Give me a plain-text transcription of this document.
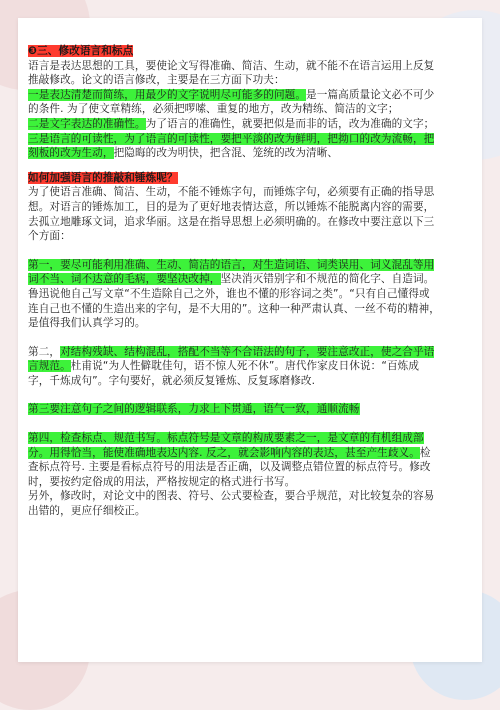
❸三、修改语言和标点

语言是表达思想的工具，要使论文写得准确、简洁、生动，就不能不在语言运用上反复推敲修改。论文的语言修改，主要是在三方面下功夫：

一是表达清楚而简练，用最少的文字说明尽可能多的问题。是一篇高质量论文必不可少的条件. 为了使文章精练，必须把啰嗦、重复的地方，改为精练、简洁的文字；

二是文字表达的准确性。为了语言的准确性，就要把似是而非的话，改为准确的文字；

三是语言的可读性，为了语言的可读性，要把平淡的改为鲜明，把拗口的改为流畅，把刻板的改为生动，把隐晦的改为明快，把含混、笼统的改为清晰、

如何加强语言的推敲和锤炼呢？

为了使语言准确、简洁、生动，不能不锤炼字句，而锤炼字句，必须要有正确的指导思想。对语言的锤炼加工，目的是为了更好地表情达意，所以锤炼不能脱离内容的需要，去孤立地雕琢文词，追求华丽。这是在指导思想上必须明确的。在修改中要注意以下三个方面：

第一，要尽可能利用准确、生动、简洁的语言，对生造词语、词类误用、词义混乱等用词不当、词不达意的毛病，要坚决改掉，坚决消灭错别字和不规范的简化字、自造词。鲁迅说他自己写文章“不生造除自己之外，谁也不懂的形容词之类”。“只有自己懂得或连自己也不懂的生造出来的字句，是不大用的”。这种一种严肃认真、一丝不苟的精神，是值得我们认真学习的。

第二，对结构残缺、结构混乱，搭配不当等不合语法的句子，要注意改正，使之合乎语言规范。杜甫说“为人性僻耽佳句，语不惊人死不休”。唐代作家皮日休说：“百炼成字，千炼成句”。字句要好，就必须反复锤炼、反复琢磨修改.

第三要注意句子之间的逻辑联系，力求上下贯通，语气一致，通顺流畅

第四，检查标点、规范书写。标点符号是文章的构成要素之一，是文章的有机组成部分。用得恰当，能使准确地表达内容. 反之，就会影响内容的表达，甚至产生歧义。检查标点符号. 主要是看标点符号的用法是否正确，以及调整点错位置的标点符号。修改时，要按约定俗成的用法，严格按规定的格式进行书写。

另外，修改时，对论文中的图表、符号、公式要检查，要合乎规范，对比较复杂的容易出错的，更应仔细校正。
